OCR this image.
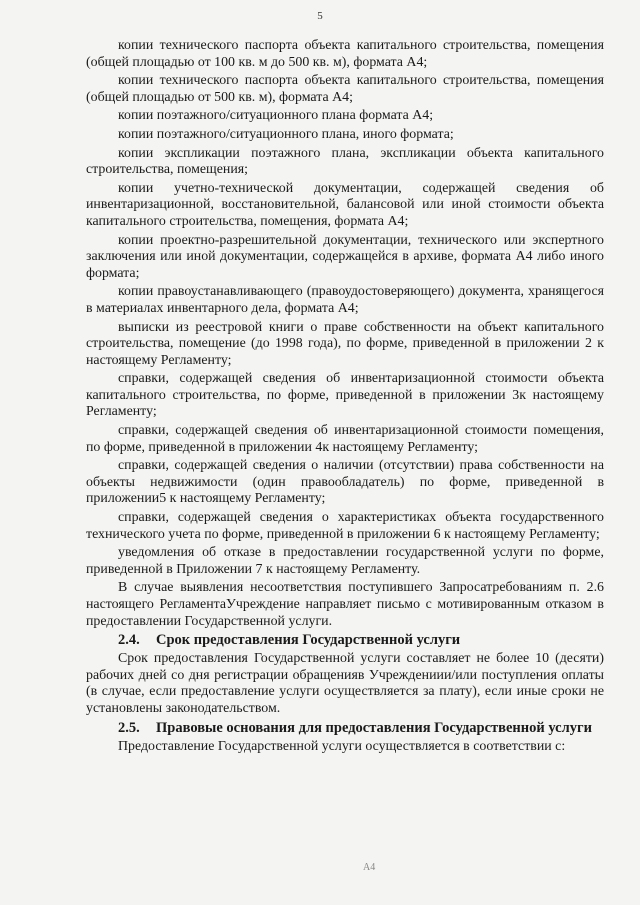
5

копии технического паспорта объекта капитального строительства, помещения (общей площадью от 100 кв. м до 500 кв. м), формата А4;

копии технического паспорта объекта капитального строительства, помещения (общей площадью от 500 кв. м), формата А4;

копии поэтажного/ситуационного плана формата А4;

копии поэтажного/ситуационного плана, иного формата;

копии экспликации поэтажного плана, экспликации объекта капитального строительства, помещения;

копии учетно-технической документации, содержащей сведения об инвентаризационной, восстановительной, балансовой или иной стоимости объекта капитального строительства, помещения, формата А4;

копии проектно-разрешительной документации, технического или экспертного заключения или иной документации, содержащейся в архиве, формата А4 либо иного формата;

копии правоустанавливающего (правоудостоверяющего) документа, хранящегося в материалах инвентарного дела, формата А4;

выписки из реестровой книги о праве собственности на объект капитального строительства, помещение (до 1998 года), по форме, приведенной в приложении 2 к настоящему Регламенту;

справки, содержащей сведения об инвентаризационной стоимости объекта капитального строительства, по форме, приведенной в приложении 3к настоящему Регламенту;

справки, содержащей сведения об инвентаризационной стоимости помещения, по форме, приведенной в приложении 4к настоящему Регламенту;

справки, содержащей сведения о наличии (отсутствии) права собственности на объекты недвижимости (один правообладатель) по форме, приведенной в приложении5 к настоящему Регламенту;

справки, содержащей сведения о характеристиках объекта государственного технического учета по форме, приведенной в приложении 6 к настоящему Регламенту;

уведомления об отказе в предоставлении государственной услуги по форме, приведенной в Приложении 7 к настоящему Регламенту.

В случае выявления несоответствия поступившего Запросатребованиям п. 2.6 настоящего РегламентаУчреждение направляет письмо с мотивированным отказом в предоставлении Государственной услуги.

2.4. Срок предоставления Государственной услуги

Срок предоставления Государственной услуги составляет не более 10 (десяти) рабочих дней со дня регистрации обращенияв Учреждениии/или поступления оплаты (в случае, если предоставление услуги осуществляется за плату), если иные сроки не установлены законодательством.

2.5. Правовые основания для предоставления Государственной услуги

Предоставление Государственной услуги осуществляется в соответствии с:

A4
